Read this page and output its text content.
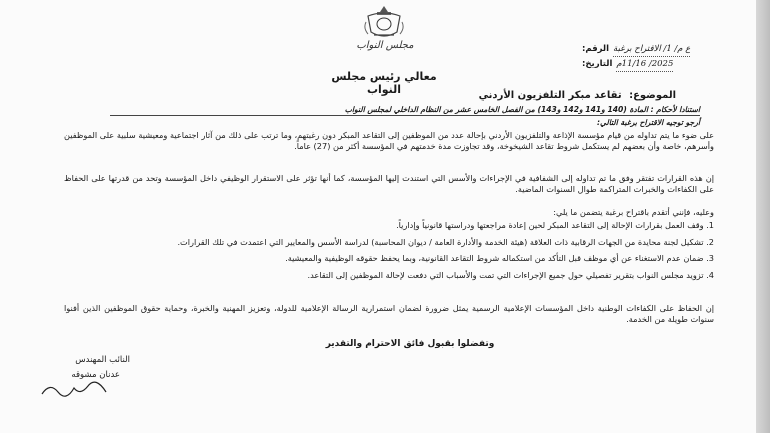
مجلس النواب	الرقم: ع م/ 1/ الاقتراح برغبة
التاريخ: 2025/ 11/16م
معالي رئيس مجلس النواب	الموضوع: تقاعد مبكر التلفزيون الأردني
استنادا لأحكام : المادة (140 و141 و142 و143) من الفصل الخامس عشر من النظام الداخلي لمجلس النواب
أرجو توجيه الاقتراح برغبة التالي:
على ضوء ما يتم تداوله من قيام مؤسسة الإذاعة والتلفزيون الأردني بإحالة عدد من الموظفين إلى التقاعد المبكر دون رغبتهم، وما ترتب على ذلك من آثار اجتماعية ومعيشية سلبية على الموظفين وأسرهم، خاصة وأن بعضهم لم يستكمل شروط تقاعد الشيخوخة، وقد تجاوزت مدة خدمتهم في المؤسسة أكثر من (27) عاماً.
إن هذه القرارات تفتقر وفق ما تم تداوله إلى الشفافية في الإجراءات والأسس التي استندت إليها المؤسسة، كما أنها تؤثر على الاستقرار الوظيفي داخل المؤسسة وتحد من قدرتها على الحفاظ على الكفاءات والخبرات المتراكمة طوال السنوات الماضية.
وعليه، فإنني أتقدم باقتراح برغبة يتضمن ما يلي:
1. وقف العمل بقرارات الإحالة إلى التقاعد المبكر لحين إعادة مراجعتها ودراستها قانونياً وإدارياً.
2. تشكيل لجنة محايدة من الجهات الرقابية ذات العلاقة (هيئة الخدمة والأدارة العامة / ديوان المحاسبة) لدراسة الأسس والمعايير التي اعتمدت في تلك القرارات.
3. ضمان عدم الاستغناء عن أي موظف قبل التأكد من استكماله شروط التقاعد القانونية، وبما يحفظ حقوقه الوظيفية والمعيشية.
4. تزويد مجلس النواب بتقرير تفصيلي حول جميع الإجراءات التي تمت والأسباب التي دفعت لإحالة الموظفين إلى التقاعد.
إن الحفاظ على الكفاءات الوطنية داخل المؤسسات الإعلامية الرسمية يمثل ضرورة لضمان استمرارية الرسالة الإعلامية للدولة، وتعزيز المهنية والخبرة، وحماية حقوق الموظفين الذين أفنوا سنوات طويلة من الخدمة.
وتفضلوا بقبول فائق الاحترام والتقدير
النائب المهندس
عدنان مشوقه
